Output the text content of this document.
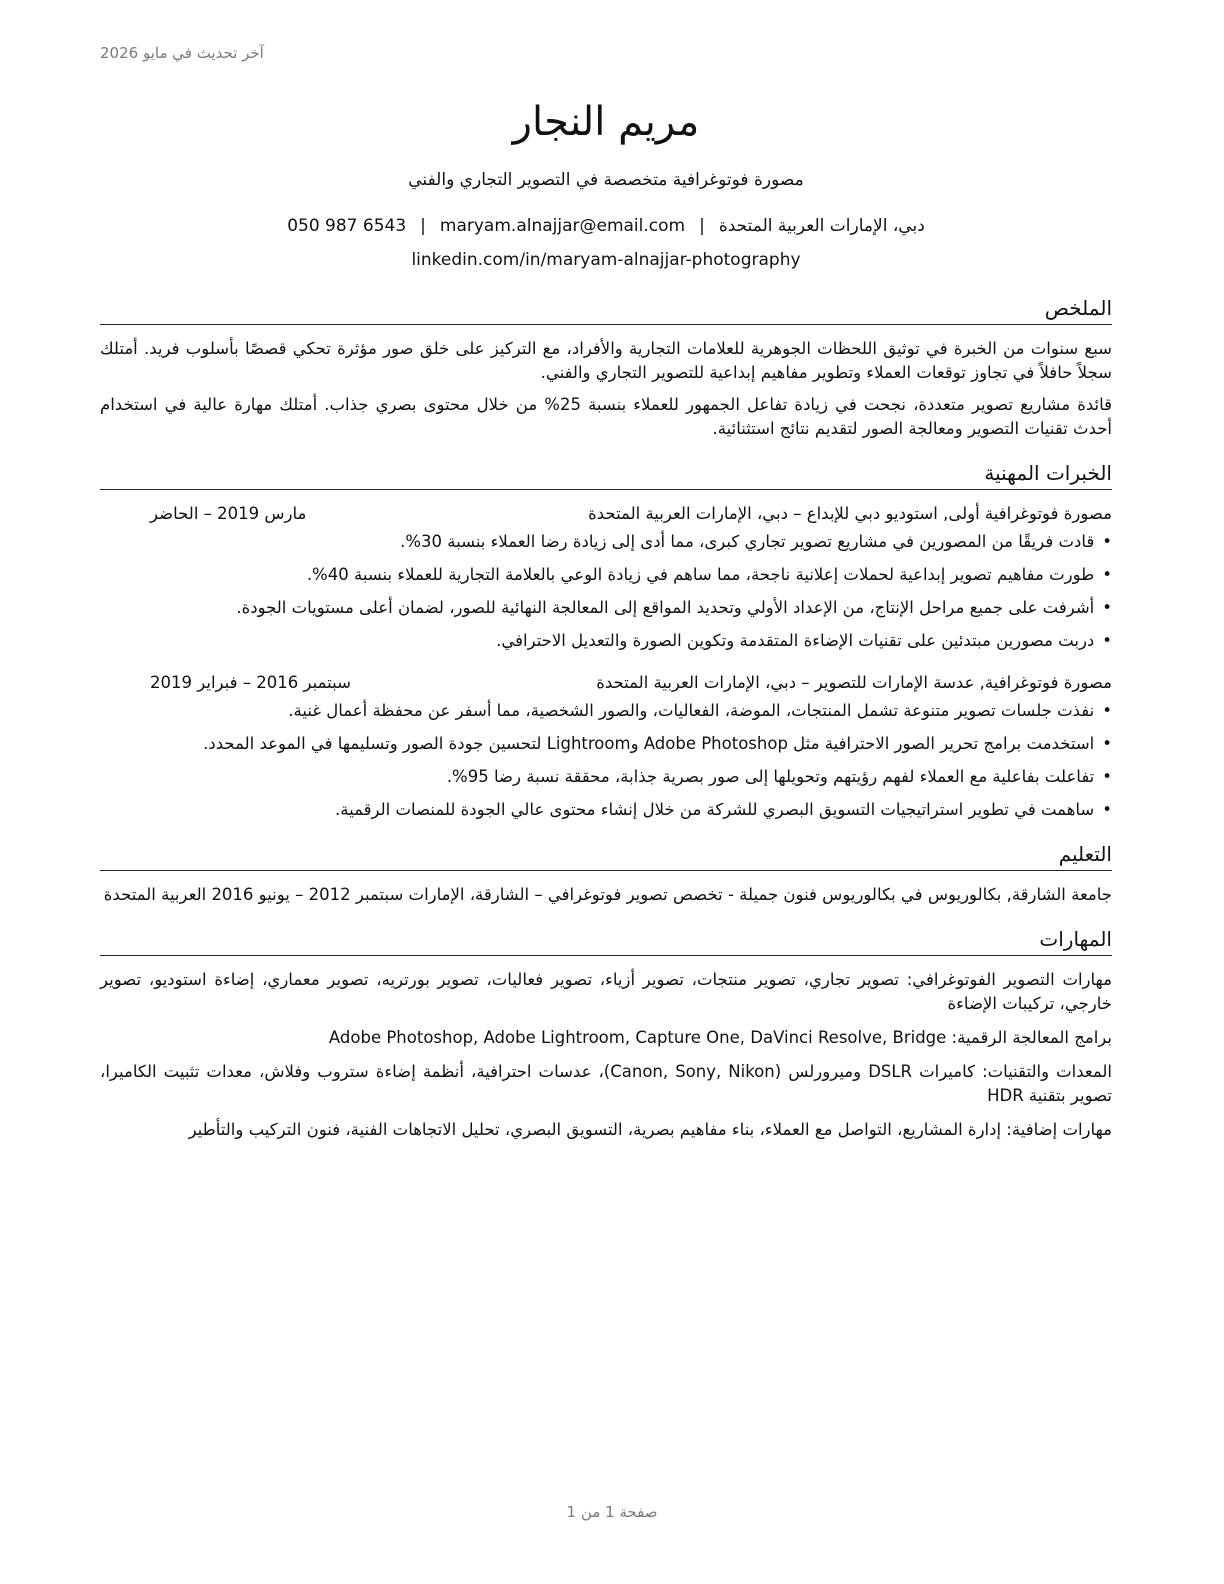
آخر تحديث في مايو 2026
مريم النجار
مصورة فوتوغرافية متخصصة في التصوير التجاري والفني
دبي، الإمارات العربية المتحدة|maryam.alnajjar@email.com|050 987 6543
linkedin.com/in/maryam-alnajjar-photography
الملخص

سبع سنوات من الخبرة في توثيق اللحظات الجوهرية للعلامات التجارية والأفراد، مع التركيز على خلق صور مؤثرة تحكي قصصًا بأسلوب فريد. أمتلك سجلاً حافلاً في تجاوز توقعات العملاء وتطوير مفاهيم إبداعية للتصوير التجاري والفني.

قائدة مشاريع تصوير متعددة، نجحت في زيادة تفاعل الجمهور للعملاء بنسبة 25% من خلال محتوى بصري جذاب. أمتلك مهارة عالية في استخدام أحدث تقنيات التصوير ومعالجة الصور لتقديم نتائج استثنائية.

الخبرات المهنية
مصورة فوتوغرافية أولى, استوديو دبي للإبداع – دبي، الإمارات العربية المتحدة
مارس 2019 – الحاضر
• قادت فريقًا من المصورين في مشاريع تصوير تجاري كبرى، مما أدى إلى زيادة رضا العملاء بنسبة 30%.
• طورت مفاهيم تصوير إبداعية لحملات إعلانية ناجحة، مما ساهم في زيادة الوعي بالعلامة التجارية للعملاء بنسبة 40%.
• أشرفت على جميع مراحل الإنتاج، من الإعداد الأولي وتحديد المواقع إلى المعالجة النهائية للصور، لضمان أعلى مستويات الجودة.
• دربت مصورين مبتدئين على تقنيات الإضاءة المتقدمة وتكوين الصورة والتعديل الاحترافي.
مصورة فوتوغرافية, عدسة الإمارات للتصوير – دبي، الإمارات العربية المتحدة
سبتمبر 2016 – فبراير 2019
• نفذت جلسات تصوير متنوعة تشمل المنتجات، الموضة، الفعاليات، والصور الشخصية، مما أسفر عن محفظة أعمال غنية.
• استخدمت برامج تحرير الصور الاحترافية مثل Adobe Photoshop وLightroom لتحسين جودة الصور وتسليمها في الموعد المحدد.
• تفاعلت بفاعلية مع العملاء لفهم رؤيتهم وتحويلها إلى صور بصرية جذابة، محققة نسبة رضا 95%.
• ساهمت في تطوير استراتيجيات التسويق البصري للشركة من خلال إنشاء محتوى عالي الجودة للمنصات الرقمية.
التعليم
جامعة الشارقة, بكالوريوس في بكالوريوس فنون جميلة - تخصص تصوير فوتوغرافي – الشارقة، الإمارات سبتمبر 2012 – يونيو 2016 العربية المتحدة
المهارات
مهارات التصوير الفوتوغرافي: تصوير تجاري، تصوير منتجات، تصوير أزياء، تصوير فعاليات، تصوير بورتريه، تصوير معماري، إضاءة استوديو، تصوير خارجي، تركيبات الإضاءة
برامج المعالجة الرقمية: Adobe Photoshop, Adobe Lightroom, Capture One, DaVinci Resolve, Bridge
المعدات والتقنيات: كاميرات DSLR وميرورلس (Canon, Sony, Nikon)، عدسات احترافية، أنظمة إضاءة ستروب وفلاش، معدات تثبيت الكاميرا، تصوير بتقنية HDR
مهارات إضافية: إدارة المشاريع، التواصل مع العملاء، بناء مفاهيم بصرية، التسويق البصري، تحليل الاتجاهات الفنية، فنون التركيب والتأطير
صفحة 1 من 1
